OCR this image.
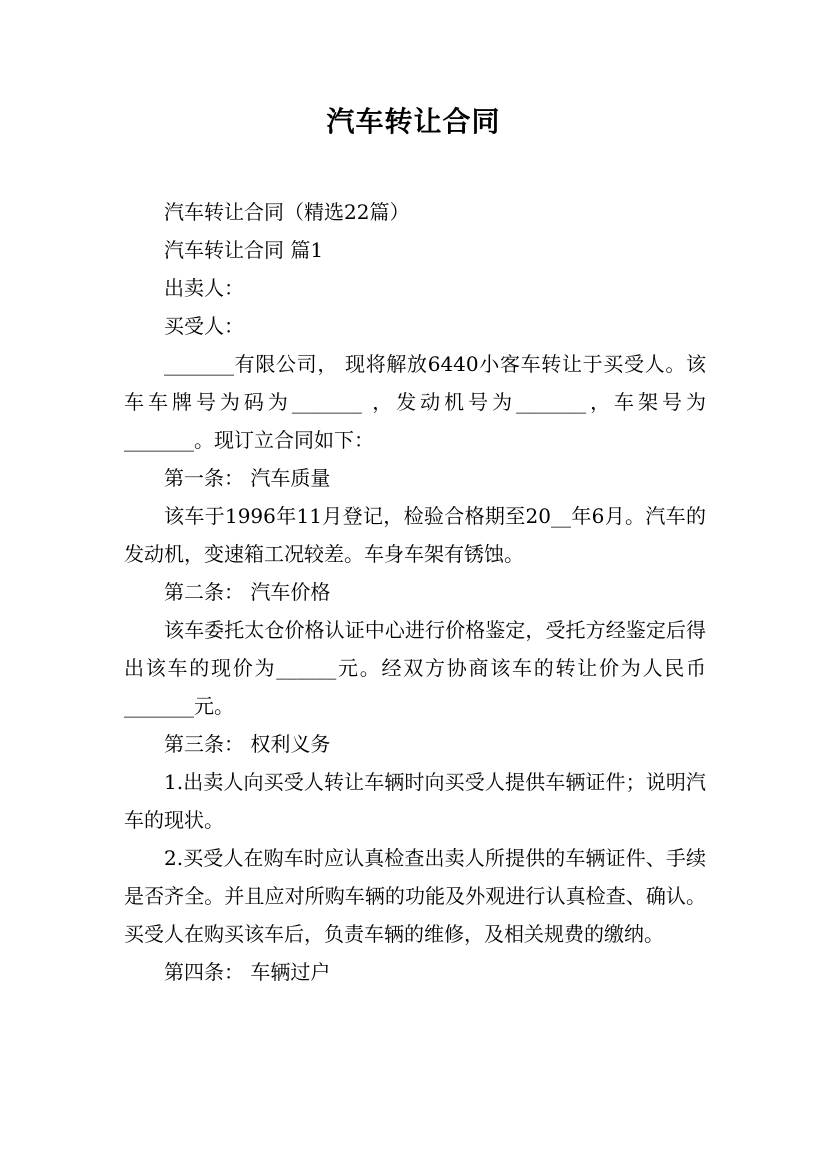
汽车转让合同

汽车转让合同（精选22篇）

汽车转让合同 篇1

出卖人：

买受人：

_______有限公司， 现将解放6440小客车转让于买受人。该车车牌号为码为_______ ，发动机号为_______，车架号为_______。现订立合同如下：

第一条： 汽车质量

该车于1996年11月登记，检验合格期至20__年6月。汽车的发动机，变速箱工况较差。车身车架有锈蚀。

第二条： 汽车价格

该车委托太仓价格认证中心进行价格鉴定，受托方经鉴定后得出该车的现价为______元。经双方协商该车的转让价为人民币_______元。

第三条： 权利义务

1.出卖人向买受人转让车辆时向买受人提供车辆证件；说明汽车的现状。

2.买受人在购车时应认真检查出卖人所提供的车辆证件、手续是否齐全。并且应对所购车辆的功能及外观进行认真检查、确认。买受人在购买该车后，负责车辆的维修，及相关规费的缴纳。

第四条： 车辆过户
